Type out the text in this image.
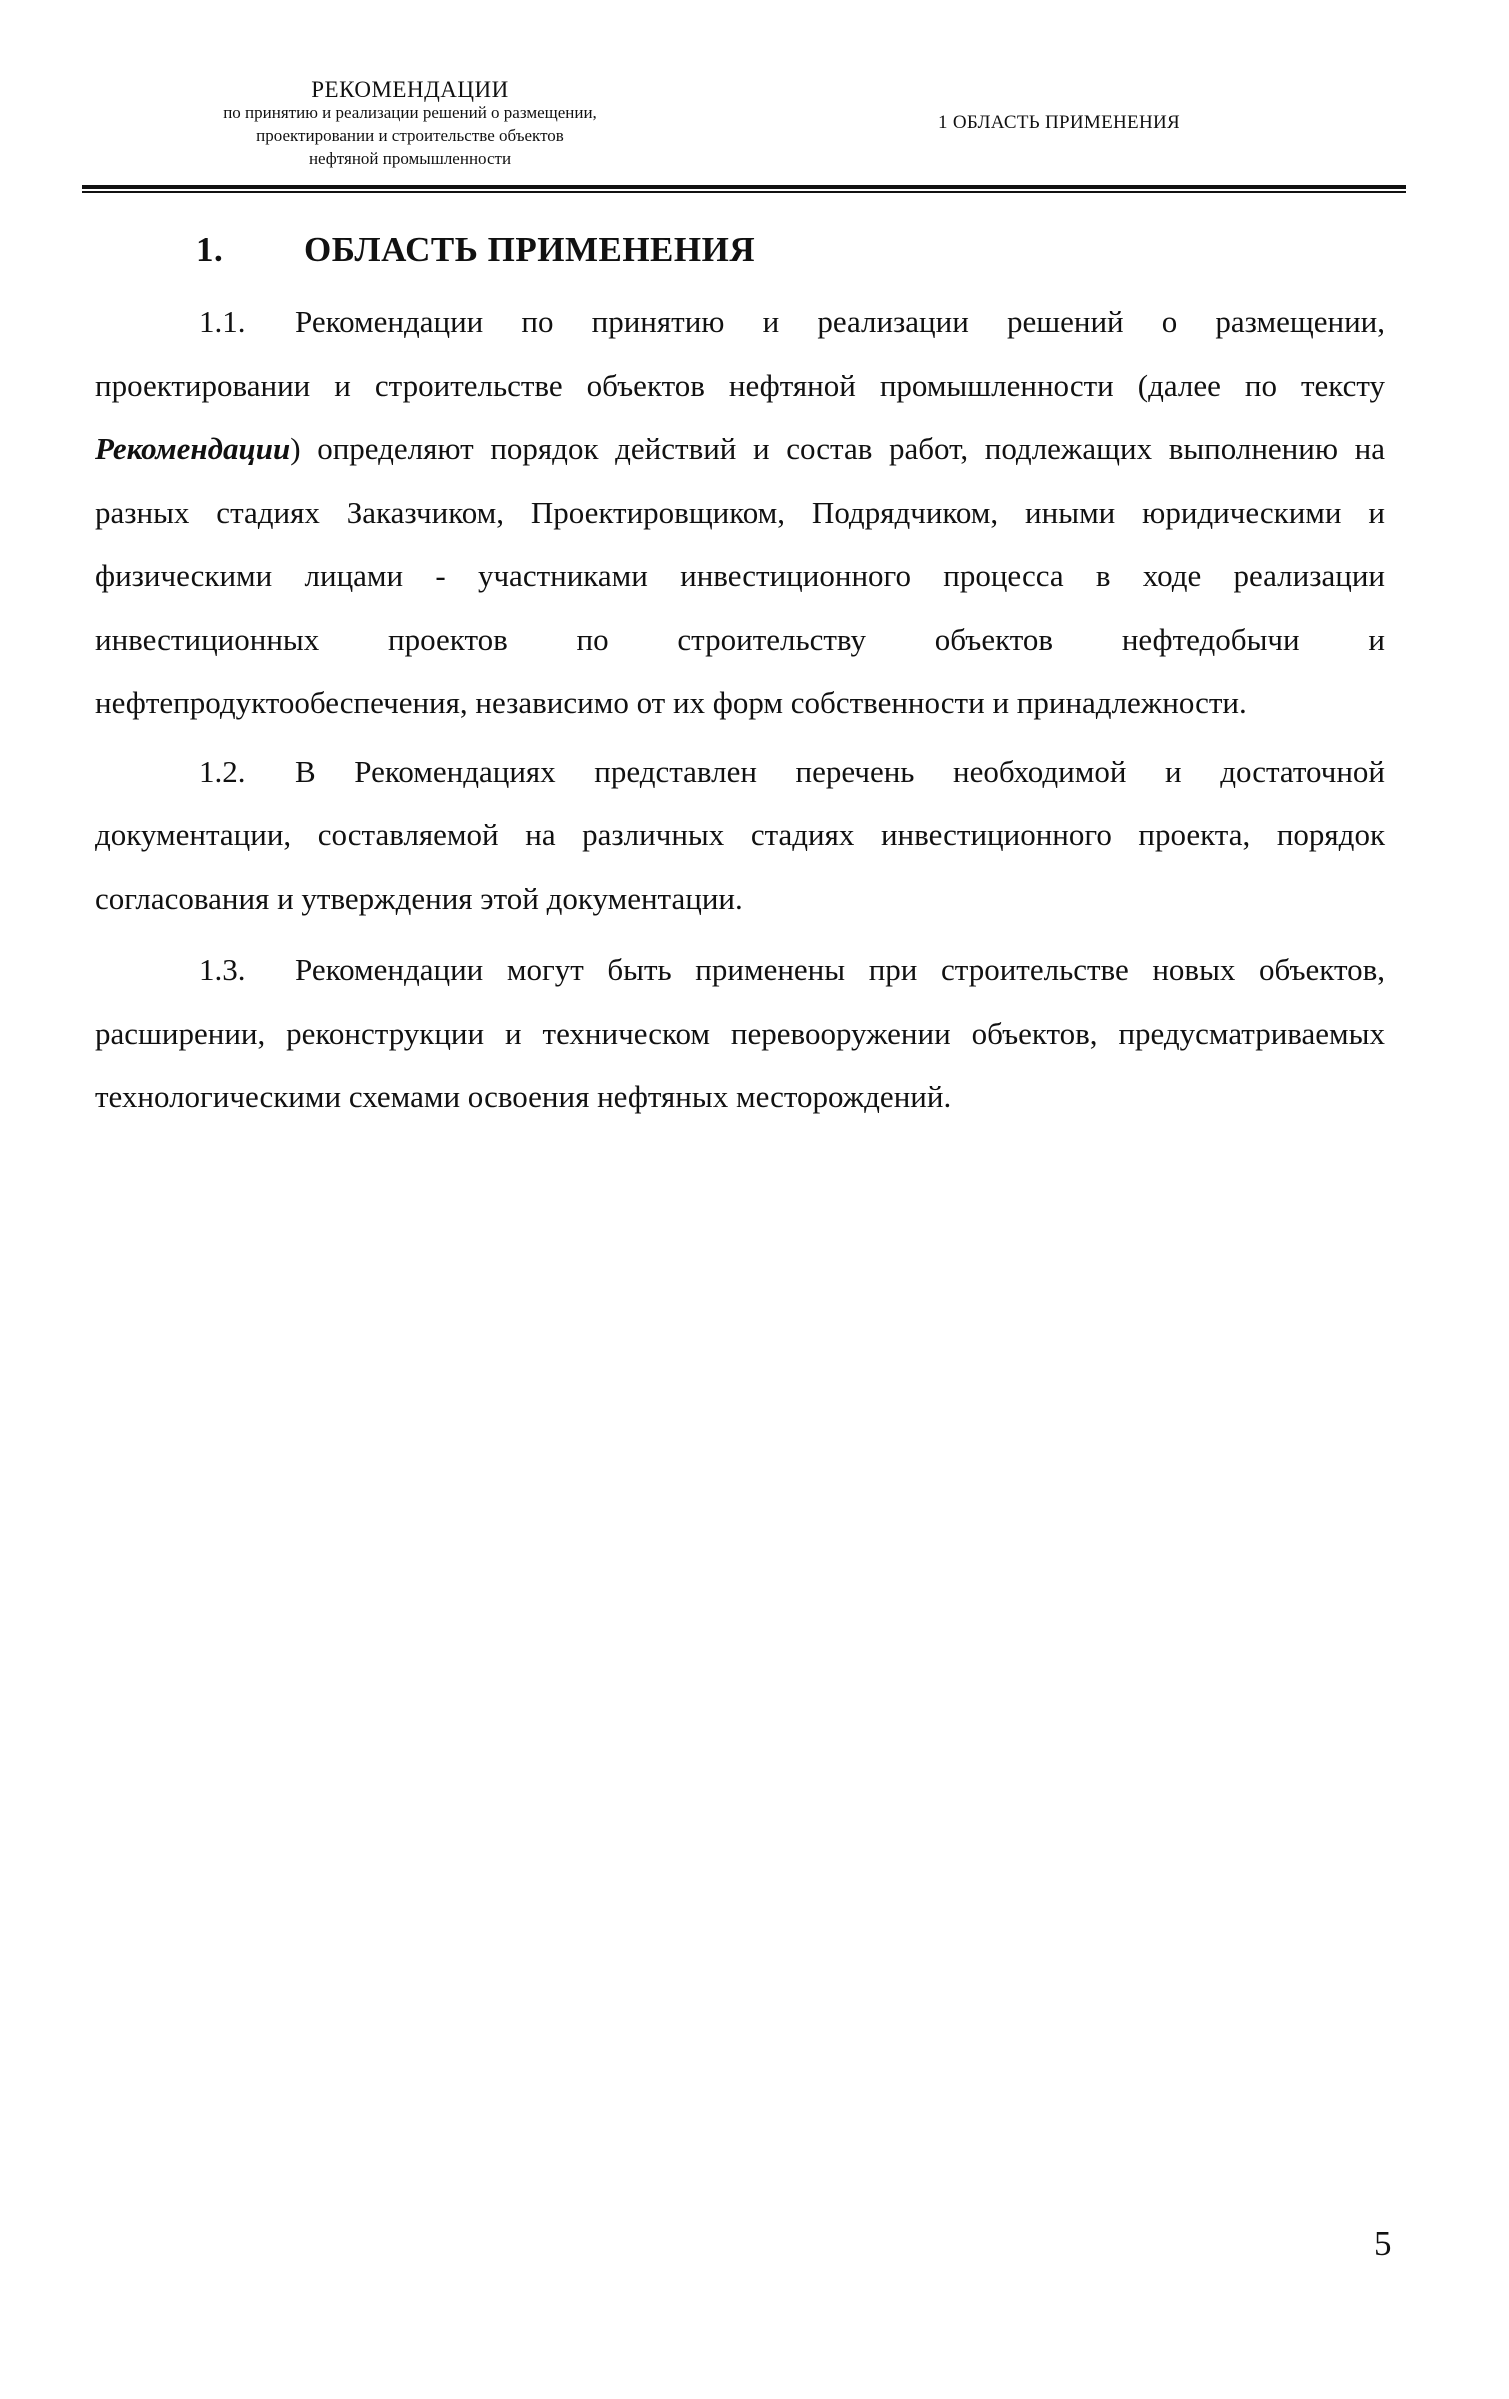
РЕКОМЕНДАЦИИ
по принятию и реализации решений о размещении,
проектировании и строительстве объектов
нефтяной промышленности
1 ОБЛАСТЬ ПРИМЕНЕНИЯ
1. ОБЛАСТЬ ПРИМЕНЕНИЯ

1.1. Рекомендации по принятию и реализации решений о размещении, проектировании и строительстве объектов нефтяной промышленности (далее по тексту Рекомендации) определяют порядок действий и состав работ, подлежащих выполнению на разных стадиях Заказчиком, Проектировщиком, Подрядчиком, иными юридическими и физическими лицами - участниками инвестиционного процесса в ходе реализации инвестиционных проектов по строительству объектов нефтедобычи и нефтепродуктообеспечения, независимо от их форм собственности и принадлежности.

1.2. В Рекомендациях представлен перечень необходимой и достаточной документации, составляемой на различных стадиях инвестиционного проекта, порядок согласования и утверждения этой документации.

1.3. Рекомендации могут быть применены при строительстве новых объектов, расширении, реконструкции и техническом перевооружении объектов, предусматриваемых технологическими схемами освоения нефтяных месторождений.

5
